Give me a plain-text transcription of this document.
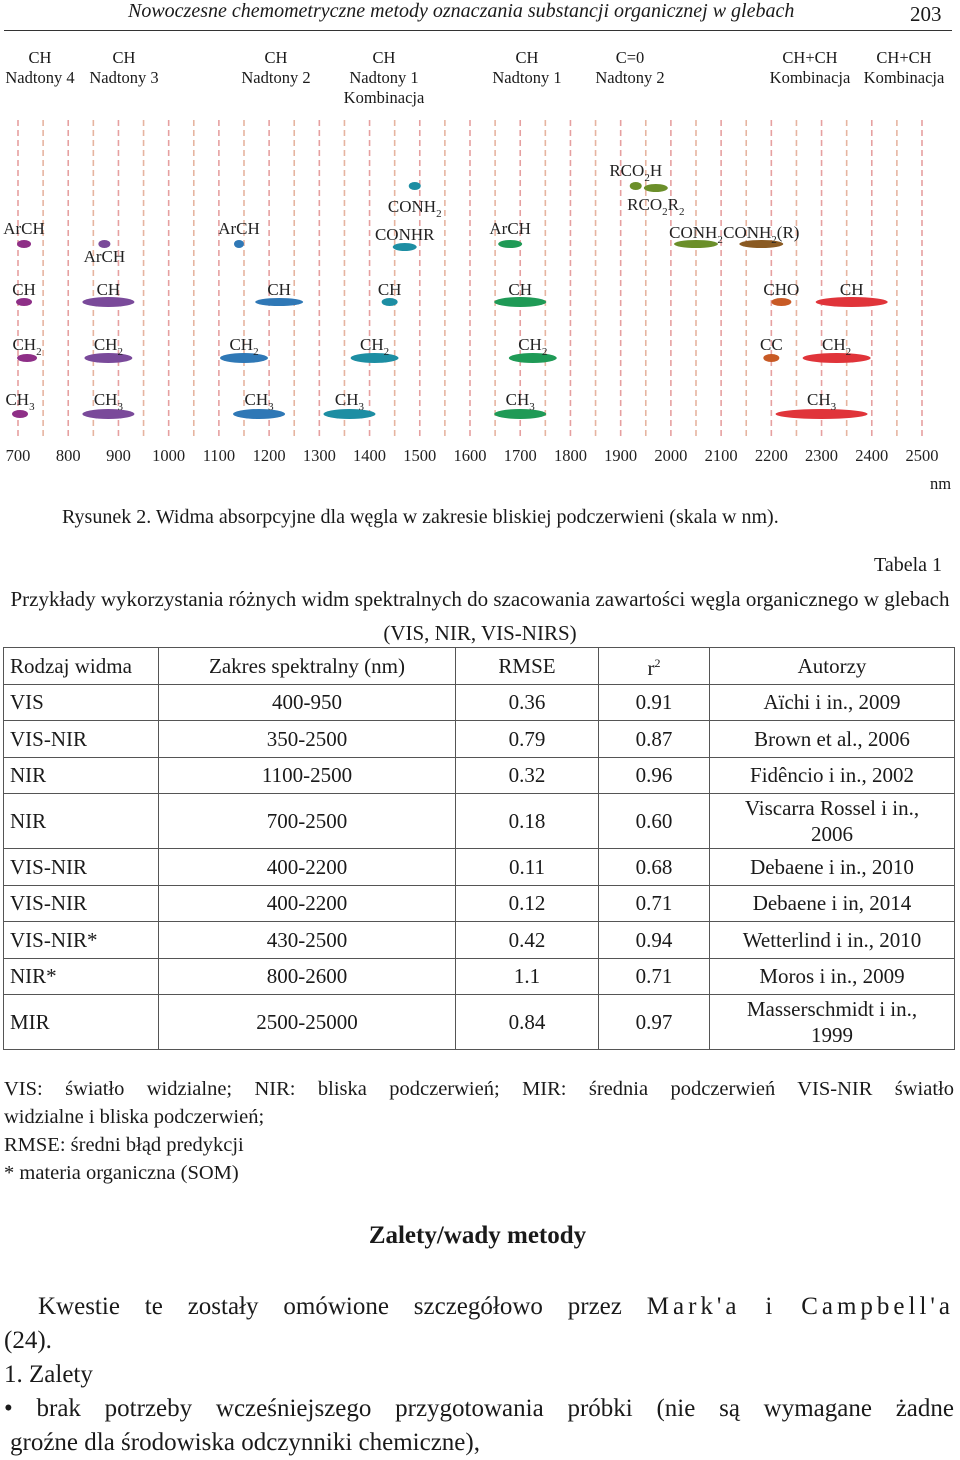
Nowoczesne chemometryczne metody oznaczania substancji organicznej w glebach	203
CH
Nadtony 4
CH
Nadtony 3
CH
Nadtony 2
CH
Nadtony 1
Kombinacja
CH
Nadtony 1
C=0
Nadtony 2
CH+CH
Kombinacja
CH+CH
Kombinacja
ArCH
ArCH
ArCH
$CONH_2$
CONHR	ArCH
$RCO_2H$
$RCO_2R_2$
$CONH_2$ $CONH_2(R)$
CH	CH	CH	CH	CH	CHO CH
$CH_2$	$CH_2$	$CH_2$	$CH_2$	$CH_2$	CC $CH_2$
$CH_3$	$CH_3$	$CH_3$	$CH_3$	$CH_3$	$CH_3$
700 800 900 1000 1100 1200 1300 1400 1500 1600 1700 1800 1900 2000 2100 2200 2300 2400 2500
nm
Rysunek 2. Widma absorpcyjne dla węgla w zakresie bliskiej podczerwieni (skala w nm).
Tabela 1
Przykłady wykorzystania różnych widm spektralnych do szacowania zawartości węgla organicznego w glebach (VIS, NIR, VIS-NIRS)
Rodzaj widma	Zakres spektralny (nm)	RMSE	$r^2$	Autorzy
VIS	400-950	0.36	0.91	Aïchi i in., 2009
VIS-NIR	350-2500	0.79	0.87	Brown et al., 2006
NIR	1100-2500	0.32	0.96	Fidêncio i in., 2002
NIR	700-2500	0.18	0.60	Viscarra Rossel i in.,
2006

VIS-NIR	400-2200	0.11	0.68	Debaene i in., 2010
VIS-NIR	400-2200	0.12	0.71	Debaene i in, 2014
VIS-NIR*	430-2500	0.42	0.94	Wetterlind i in., 2010
NIR*	800-2600	1.1	0.71	Moros i in., 2009
MIR	2500-25000	0.84	0.97	Masserschmidt i in.,
1999
VIS: światło widzialne; NIR: bliska podczerwień; MIR: średnia podczerwień VIS-NIR światło
widzialne i bliska podczerwień;
RMSE: średni błąd predykcji
* materia organiczna (SOM)
Zalety/wady metody
Kwestie te zostały omówione szczegółowo przez Mark'a i Campbell'a
(24).
1. Zalety
• brak potrzeby wcześniejszego przygotowania próbki (nie są wymagane żadne
groźne dla środowiska odczynniki chemiczne),
